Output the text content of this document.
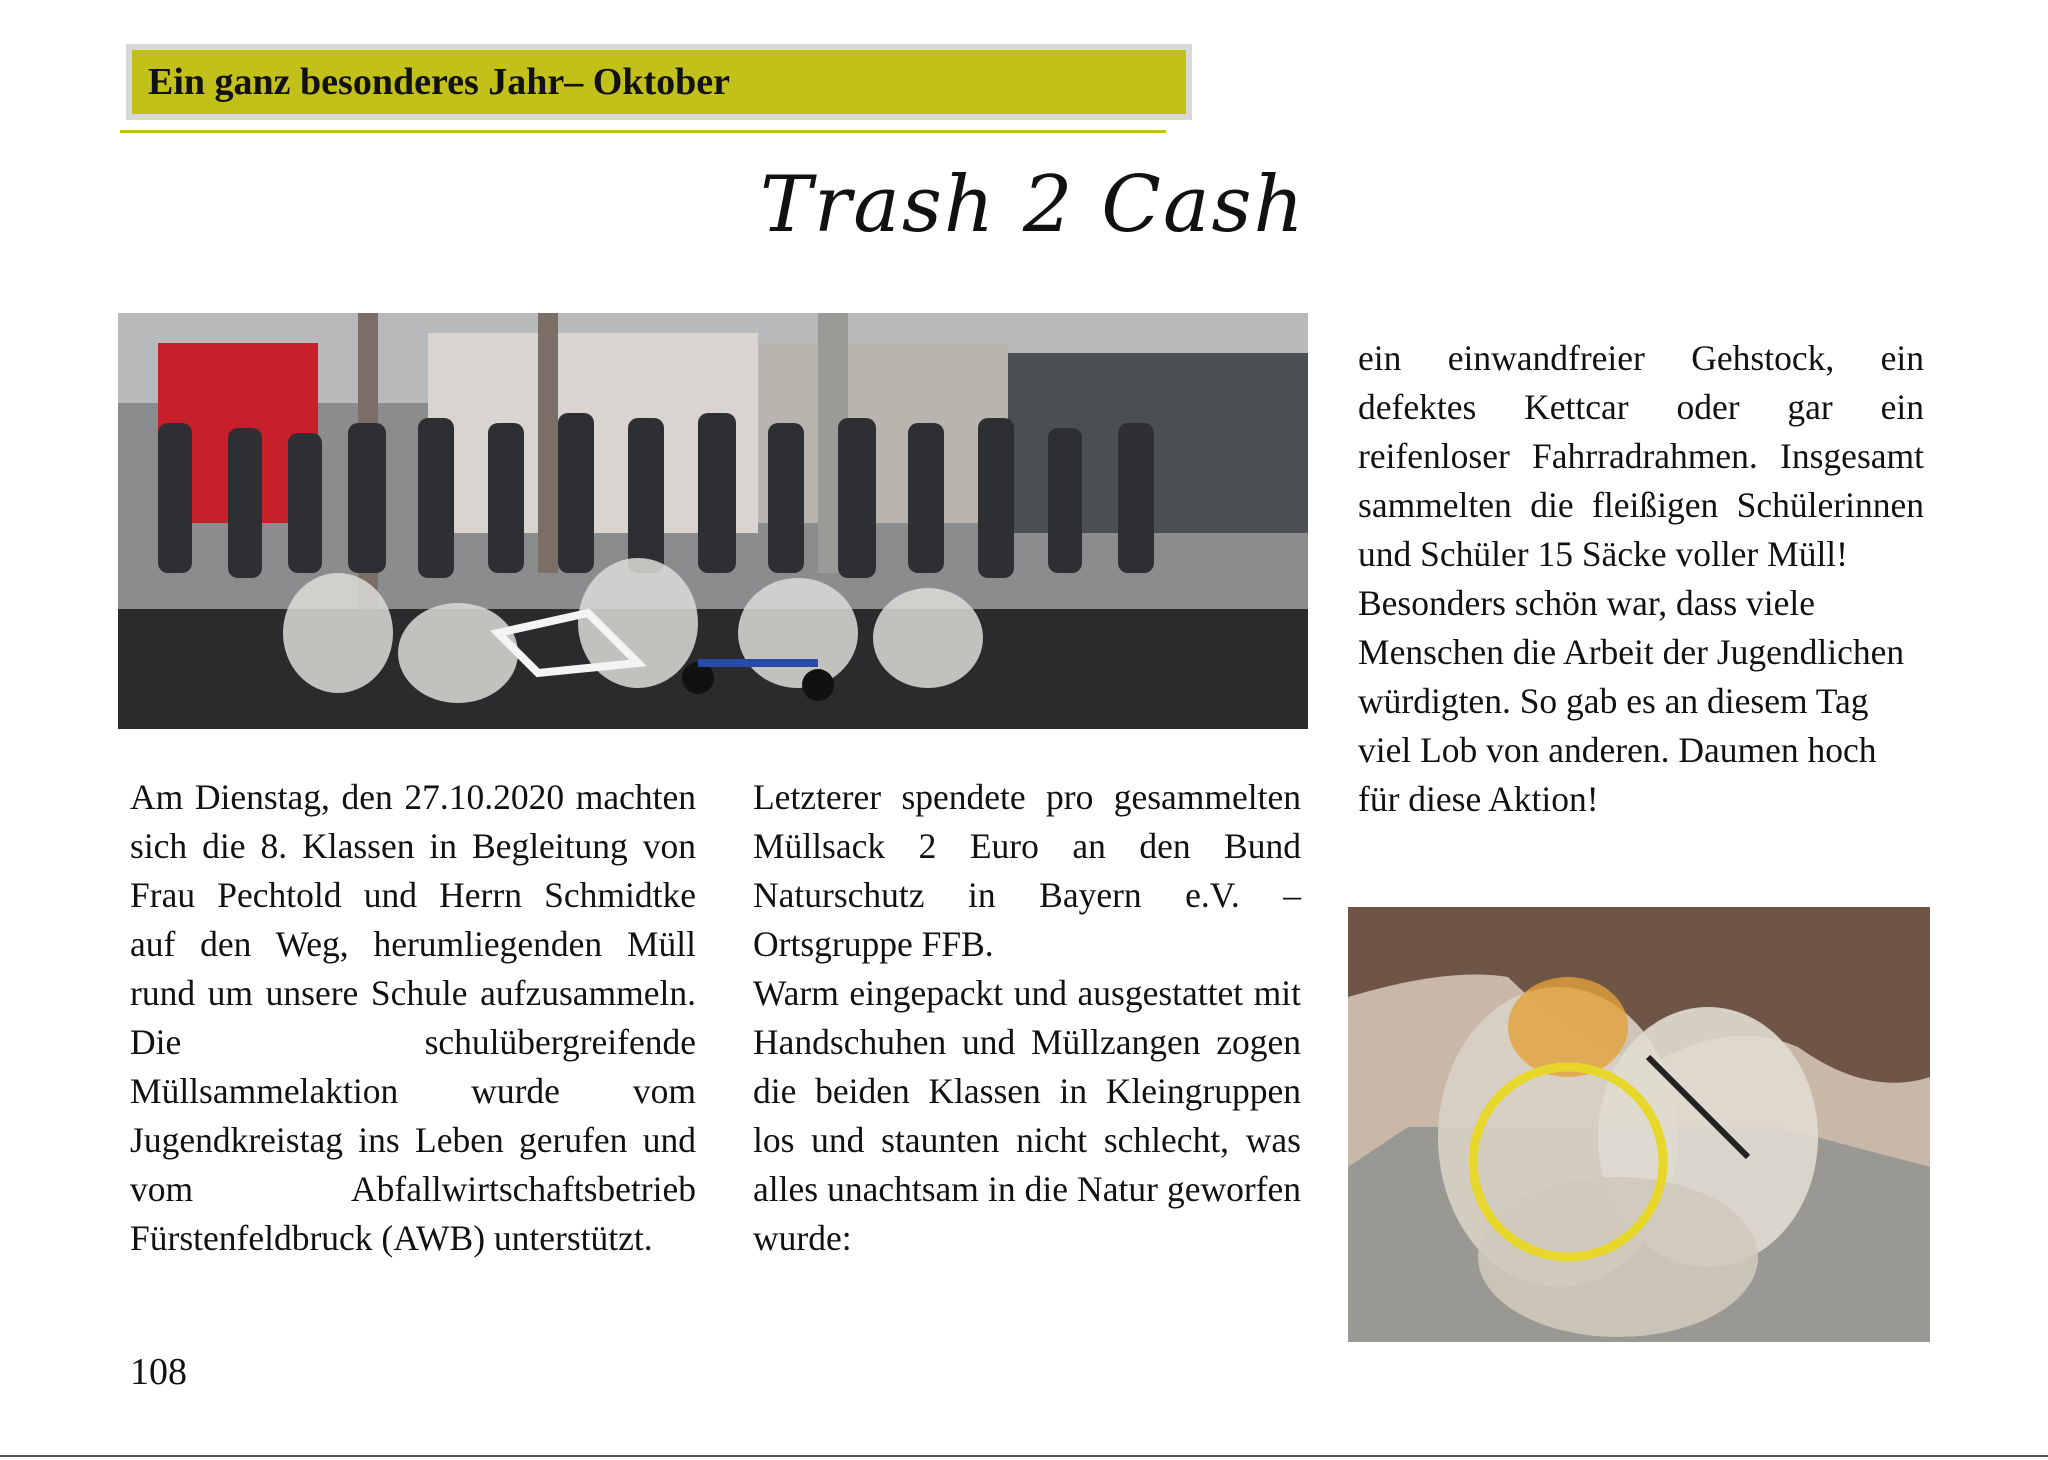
Ein ganz besonderes Jahr– Oktober
Trash 2 Cash

Am Dienstag, den 27.10.2020 machten sich die 8. Klassen in Begleitung von Frau Pechtold und Herrn Schmidtke auf den Weg, herumliegenden Müll rund um unsere Schule aufzusammeln. Die schulübergreifende Müllsammelaktion wurde vom Jugendkreistag ins Leben gerufen und vom Abfallwirtschaftsbetrieb Fürstenfeldbruck (AWB) unterstützt.

Letzterer spendete pro gesammelten Müllsack 2 Euro an den Bund Naturschutz in Bayern e.V. – Ortsgruppe FFB.

Warm eingepackt und ausgestattet mit Handschuhen und Müllzangen zogen die beiden Klassen in Kleingruppen los und staunten nicht schlecht, was alles unachtsam in die Natur geworfen wurde:

ein einwandfreier Gehstock, ein defektes Kettcar oder gar ein reifenloser Fahrradrahmen. Insgesamt sammelten die fleißigen Schülerinnen und Schüler 15 Säcke voller Müll!

Besonders schön war, dass viele Menschen die Arbeit der Jugendlichen würdigten. So gab es an diesem Tag viel Lob von anderen. Daumen hoch für diese Aktion!

108
